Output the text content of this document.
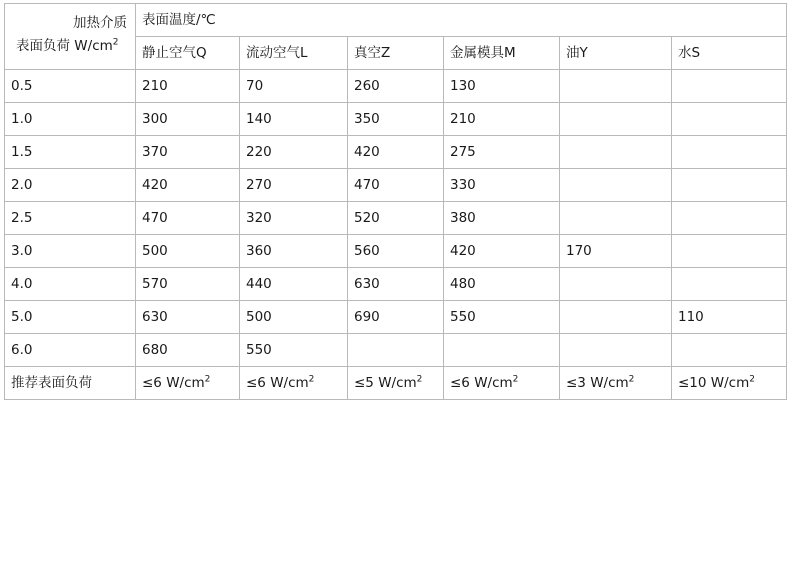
加热介质
表面负荷 $W/cm^2$	表面温度/℃					
	静止空气Q	流动空气L	真空Z	金属模具M	油Y	水S
0.5	210	70	260	130		
1.0	300	140	350	210		
1.5	370	220	420	275		
2.0	420	270	470	330		
2.5	470	320	520	380		
3.0	500	360	560	420	170	
4.0	570	440	630	480		
5.0	630	500	690	550		110
6.0	680	550				
推荐表面负荷	≤6 $W/cm^2$	≤6 $W/cm^2$	≤5 $W/cm^2$	≤6 $W/cm^2$	≤3 $W/cm^2$	≤10 $W/cm^2$
